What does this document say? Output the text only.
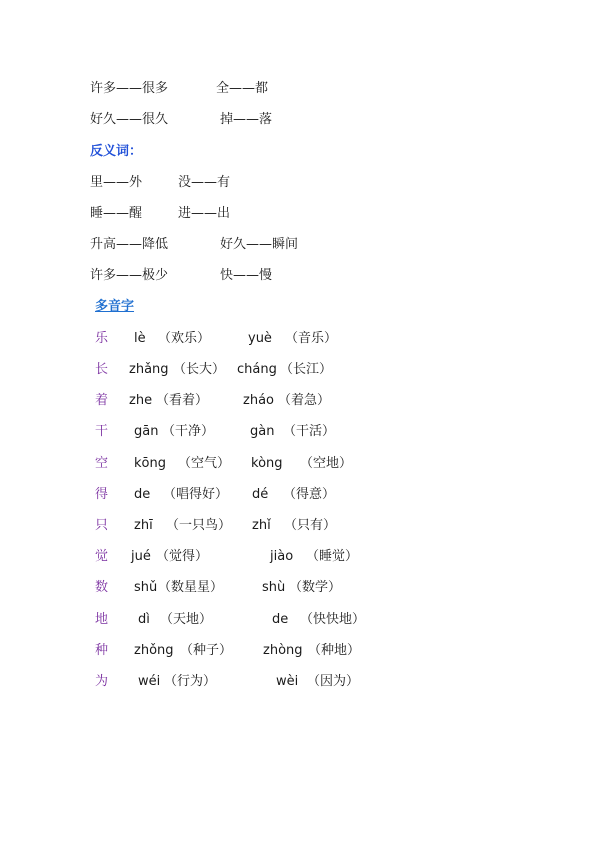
许多——很多	全——都
好久——很久	掉——落
反义词：
里——外	没——有
睡——醒	进——出
升高——降低	好久——瞬间
许多——极少	快——慢
多音字
乐 lè （欢乐）	yuè （音乐）
长 zhǎng （长大） cháng （长江）
着 zhe （看着）	zháo （着急）
干 gān （干净）	gàn （干活）
空 kōng （空气） kòng （空地）
得 de （唱得好） dé （得意）
只 zhī （一只鸟） zhǐ （只有）
觉 jué （觉得）	jiào （睡觉）
数 shǔ （数星星）	shù （数学）
地 dì （天地）	de （快快地）
种 zhǒng （种子） zhòng （种地）
为 wéi （行为）	wèi （因为）
